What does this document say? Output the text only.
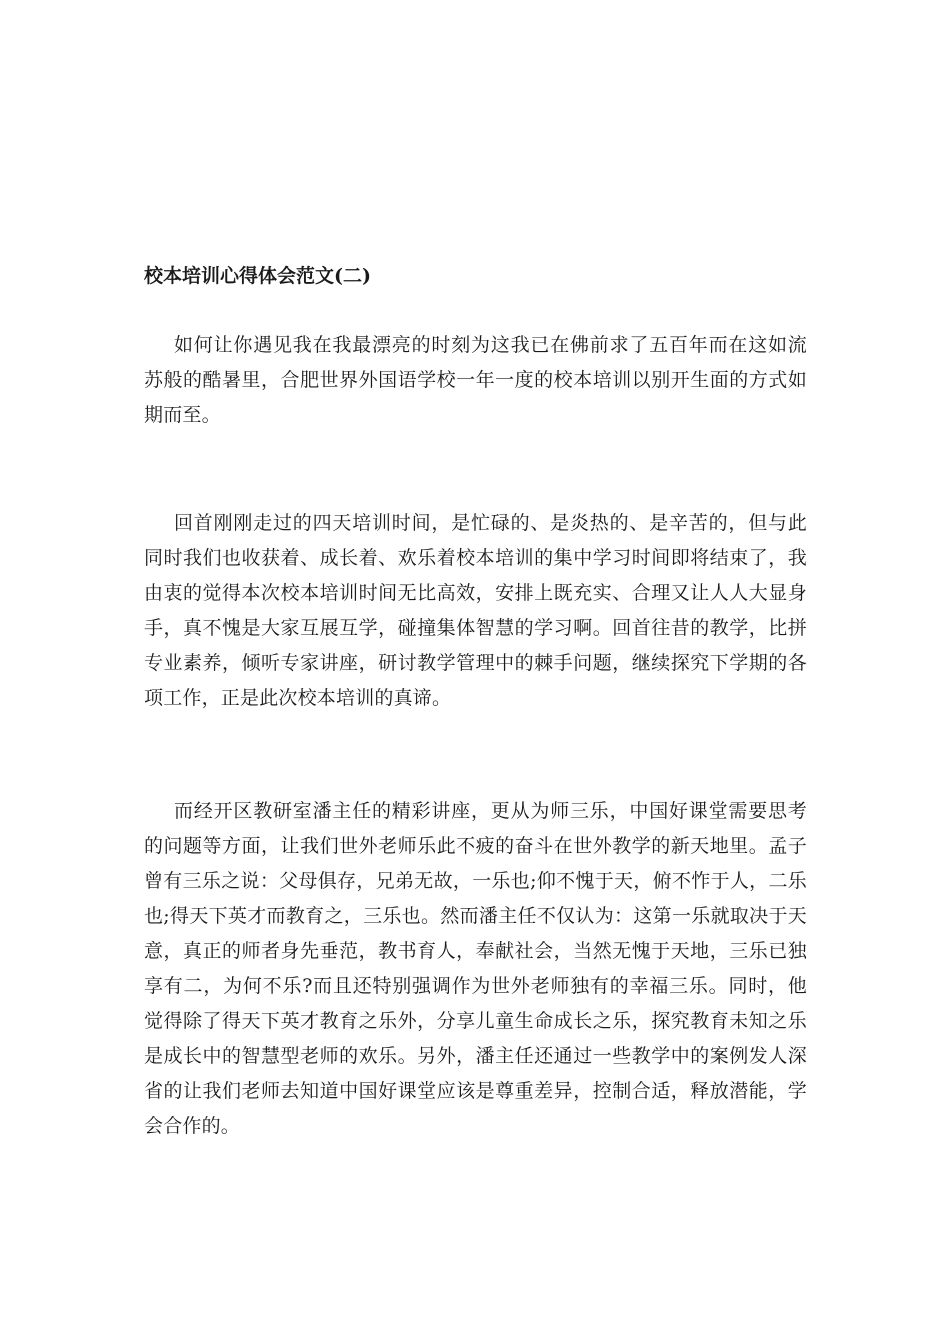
校本培训心得体会范文(二)

如何让你遇见我在我最漂亮的时刻为这我已在佛前求了五百年而在这如流苏般的酷暑里，合肥世界外国语学校一年一度的校本培训以别开生面的方式如期而至。

回首刚刚走过的四天培训时间，是忙碌的、是炎热的、是辛苦的，但与此同时我们也收获着、成长着、欢乐着校本培训的集中学习时间即将结束了，我由衷的觉得本次校本培训时间无比高效，安排上既充实、合理又让人人大显身手，真不愧是大家互展互学，碰撞集体智慧的学习啊。回首往昔的教学，比拼专业素养，倾听专家讲座，研讨教学管理中的棘手问题，继续探究下学期的各项工作，正是此次校本培训的真谛。

而经开区教研室潘主任的精彩讲座，更从为师三乐，中国好课堂需要思考的问题等方面，让我们世外老师乐此不疲的奋斗在世外教学的新天地里。孟子曾有三乐之说：父母俱存，兄弟无故，一乐也;仰不愧于天，俯不怍于人，二乐也;得天下英才而教育之，三乐也。然而潘主任不仅认为：这第一乐就取决于天意，真正的师者身先垂范，教书育人，奉献社会，当然无愧于天地，三乐已独享有二，为何不乐?而且还特别强调作为世外老师独有的幸福三乐。同时，他觉得除了得天下英才教育之乐外，分享儿童生命成长之乐，探究教育未知之乐是成长中的智慧型老师的欢乐。另外，潘主任还通过一些教学中的案例发人深省的让我们老师去知道中国好课堂应该是尊重差异，控制合适，释放潜能，学会合作的。
